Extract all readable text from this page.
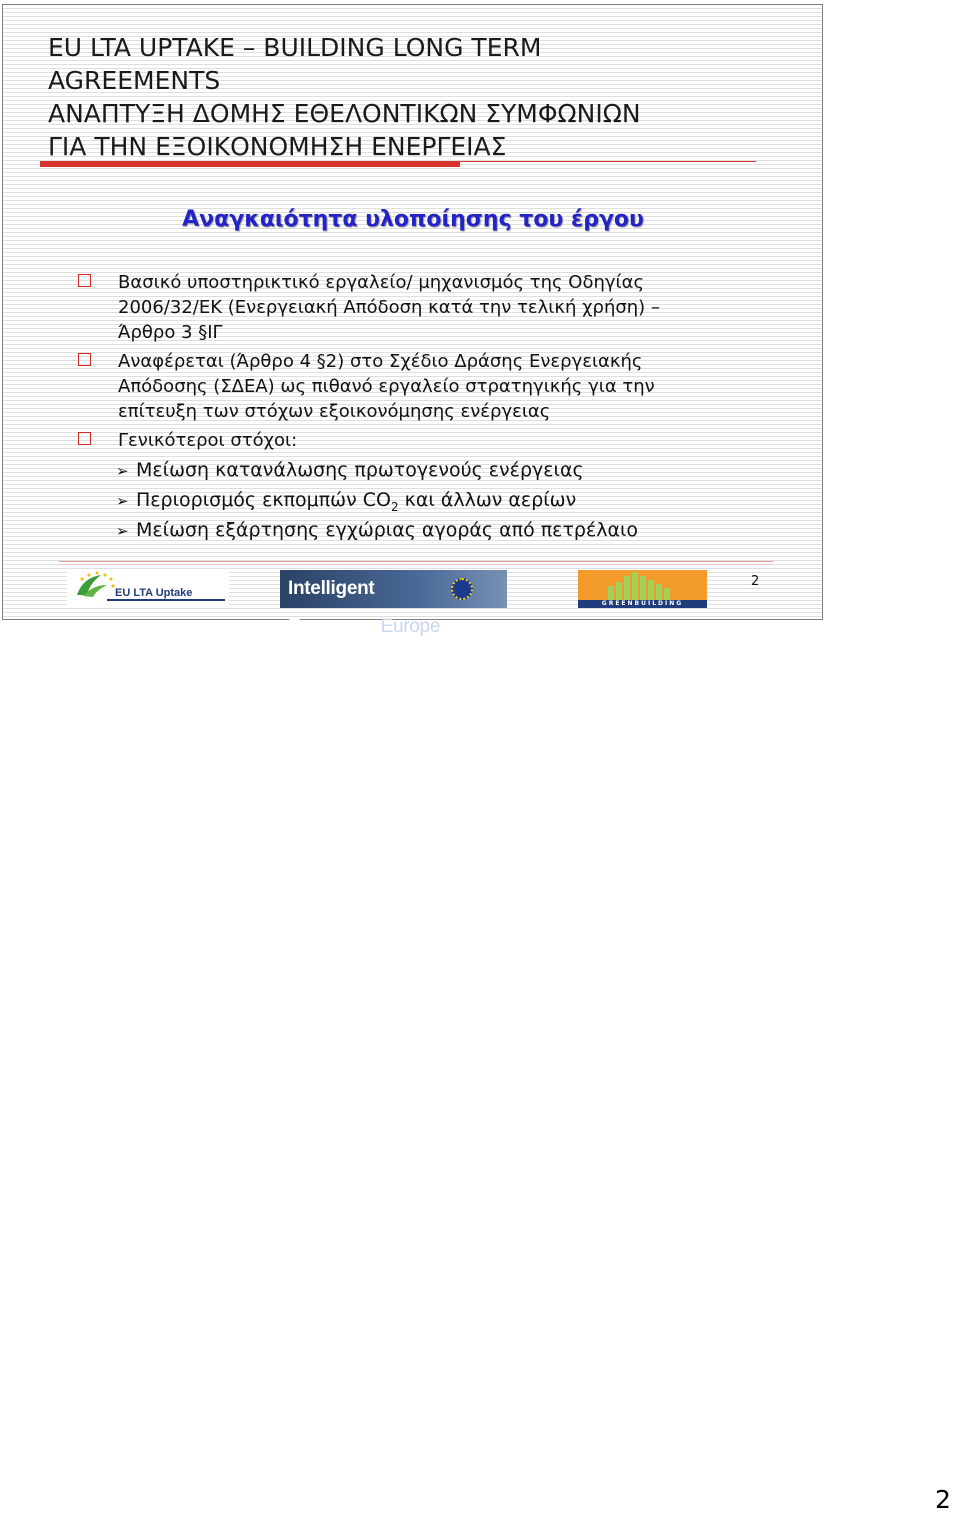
EU LTA UPTAKE – BUILDING LONG TERM
AGREEMENTS
ΑΝΑΠΤΥΞΗ ΔΟΜΗΣ ΕΘΕΛΟΝΤΙΚΩΝ ΣΥΜΦΩΝΙΩΝ
ΓΙΑ ΤΗΝ ΕΞΟΙΚΟΝΟΜΗΣΗ ΕΝΕΡΓΕΙΑΣ
Αναγκαιότητα υλοποίησης του έργου
Βασικό υποστηρικτικό εργαλείο/ μηχανισμός της Οδηγίας
2006/32/ΕΚ (Ενεργειακή Απόδοση κατά την τελική χρήση) –
Άρθρο 3 §ΙΓ
Αναφέρεται (Άρθρο 4 §2) στο Σχέδιο Δράσης Ενεργειακής
Απόδοσης (ΣΔΕΑ) ως πιθανό εργαλείο στρατηγικής για την
επίτευξη των στόχων εξοικονόμησης ενέργειας
Γενικότεροι στόχοι:
➢ Μείωση κατανάλωσης πρωτογενούς ενέργειας
➢ Περιορισμός εκπομπών $CO_2$ και άλλων αερίων
➢ Μείωση εξάρτησης εγχώριας αγοράς από πετρέλαιο
EU LTA Uptake	Intelligent Energy Europe
GREENBUILDING
2
2
